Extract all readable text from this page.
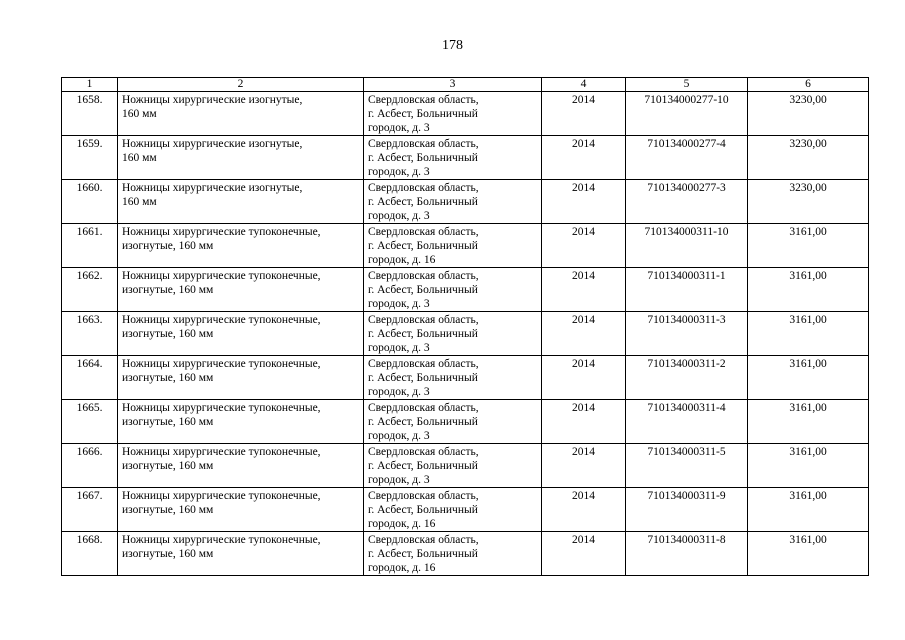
178
1	2	3	4	5	6

1658.	Ножницы хирургические изогнутые,
160 мм	Свердловская область,
г. Асбест, Больничный
городок, д. 3	2014	710134000277-10	3230,00

1659.	Ножницы хирургические изогнутые,
160 мм	Свердловская область,
г. Асбест, Больничный
городок, д. 3	2014	710134000277-4	3230,00

1660.	Ножницы хирургические изогнутые,
160 мм	Свердловская область,
г. Асбест, Больничный
городок, д. 3	2014	710134000277-3	3230,00

1661.	Ножницы хирургические тупоконечные,
изогнутые, 160 мм	Свердловская область,
г. Асбест, Больничный
городок, д. 16	2014	710134000311-10	3161,00

1662.	Ножницы хирургические тупоконечные,
изогнутые, 160 мм	Свердловская область,
г. Асбест, Больничный
городок, д. 3	2014	710134000311-1	3161,00

1663.	Ножницы хирургические тупоконечные,
изогнутые, 160 мм	Свердловская область,
г. Асбест, Больничный
городок, д. 3	2014	710134000311-3	3161,00

1664.	Ножницы хирургические тупоконечные,
изогнутые, 160 мм	Свердловская область,
г. Асбест, Больничный
городок, д. 3	2014	710134000311-2	3161,00

1665.	Ножницы хирургические тупоконечные,
изогнутые, 160 мм	Свердловская область,
г. Асбест, Больничный
городок, д. 3	2014	710134000311-4	3161,00

1666.	Ножницы хирургические тупоконечные,
изогнутые, 160 мм	Свердловская область,
г. Асбест, Больничный
городок, д. 3	2014	710134000311-5	3161,00

1667.	Ножницы хирургические тупоконечные,
изогнутые, 160 мм	Свердловская область,
г. Асбест, Больничный
городок, д. 16	2014	710134000311-9	3161,00

1668.	Ножницы хирургические тупоконечные,
изогнутые, 160 мм	Свердловская область,
г. Асбест, Больничный
городок, д. 16	2014	710134000311-8	3161,00
